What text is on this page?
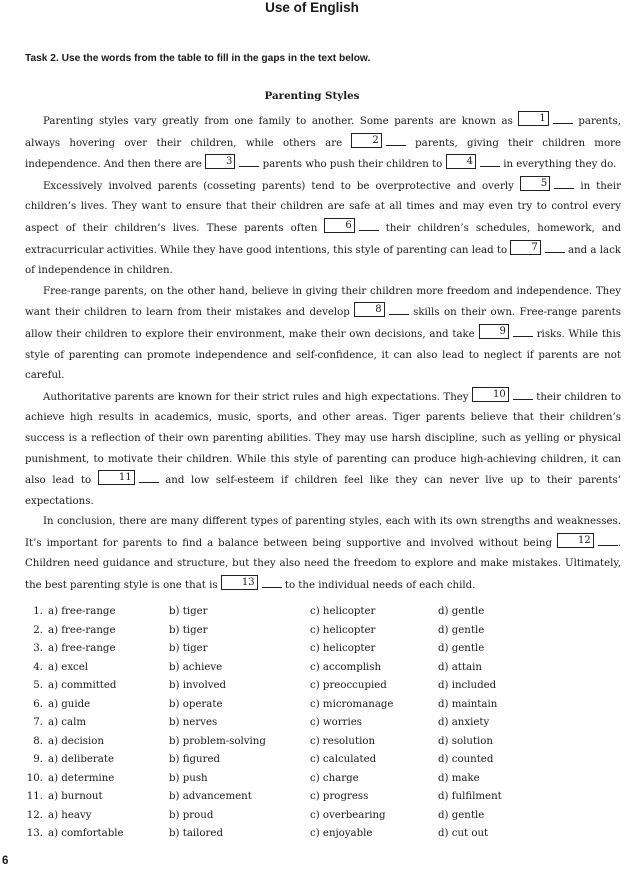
Use of English
Task 2. Use the words from the table to fill in the gaps in the text below.
Parenting Styles

Parenting styles vary greatly from one family to another. Some parents are known as	1	parents, always hovering over their children, while others are	2	parents, giving their children more independence. And then there are 3	parents who push their children to 4	in everything they do.

Excessively involved parents (cosseting parents) tend to be overprotective and overly	5	in their children’s lives. They want to ensure that their children are safe at all times and may even try to control every aspect of their children’s lives. These parents often	6	their children’s schedules, homework, and extracurricular activities. While they have good intentions, this style of parenting can lead to 7	and a lack of independence in children.

Free-range parents, on the other hand, believe in giving their children more freedom and independence. They want their children to learn from their mistakes and develop	8	skills on their own. Free-range parents allow their children to explore their environment, make their own decisions, and take 9	risks. While this style of parenting can promote independence and self-confidence, it can also lead to neglect if parents are not careful.

Authoritative parents are known for their strict rules and high expectations. They 10	their children to achieve high results in academics, music, sports, and other areas. Tiger parents believe that their children’s success is a reflection of their own parenting abilities. They may use harsh discipline, such as yelling or physical punishment, to motivate their children. While this style of parenting can produce high-achieving children, it can also lead to	11	and low self-esteem if children feel like they can never live up to their parents’ expectations.

In conclusion, there are many different types of parenting styles, each with its own strengths and weaknesses. It’s important for parents to find a balance between being supportive and involved without being	12	. Children need guidance and structure, but they also need the freedom to explore and make mistakes. Ultimately, the best parenting style is one that is 13	to the individual needs of each child.

1. a) free-range	b) tiger	c) helicopter	d) gentle
2. a) free-range	b) tiger	c) helicopter	d) gentle
3. a) free-range	b) tiger	c) helicopter	d) gentle
4. a) excel	b) achieve	c) accomplish	d) attain
5. a) committed	b) involved	c) preoccupied	d) included
6. a) guide	b) operate	c) micromanage	d) maintain
7. a) calm	b) nerves	c) worries	d) anxiety
8. a) decision	b) problem-solving	c) resolution	d) solution
9. a) deliberate	b) figured	c) calculated	d) counted
10. a) determine	b) push	c) charge	d) make
11. a) burnout	b) advancement	c) progress	d) fulfilment
12. a) heavy	b) proud	c) overbearing	d) gentle
13. a) comfortable	b) tailored	c) enjoyable	d) cut out
6
